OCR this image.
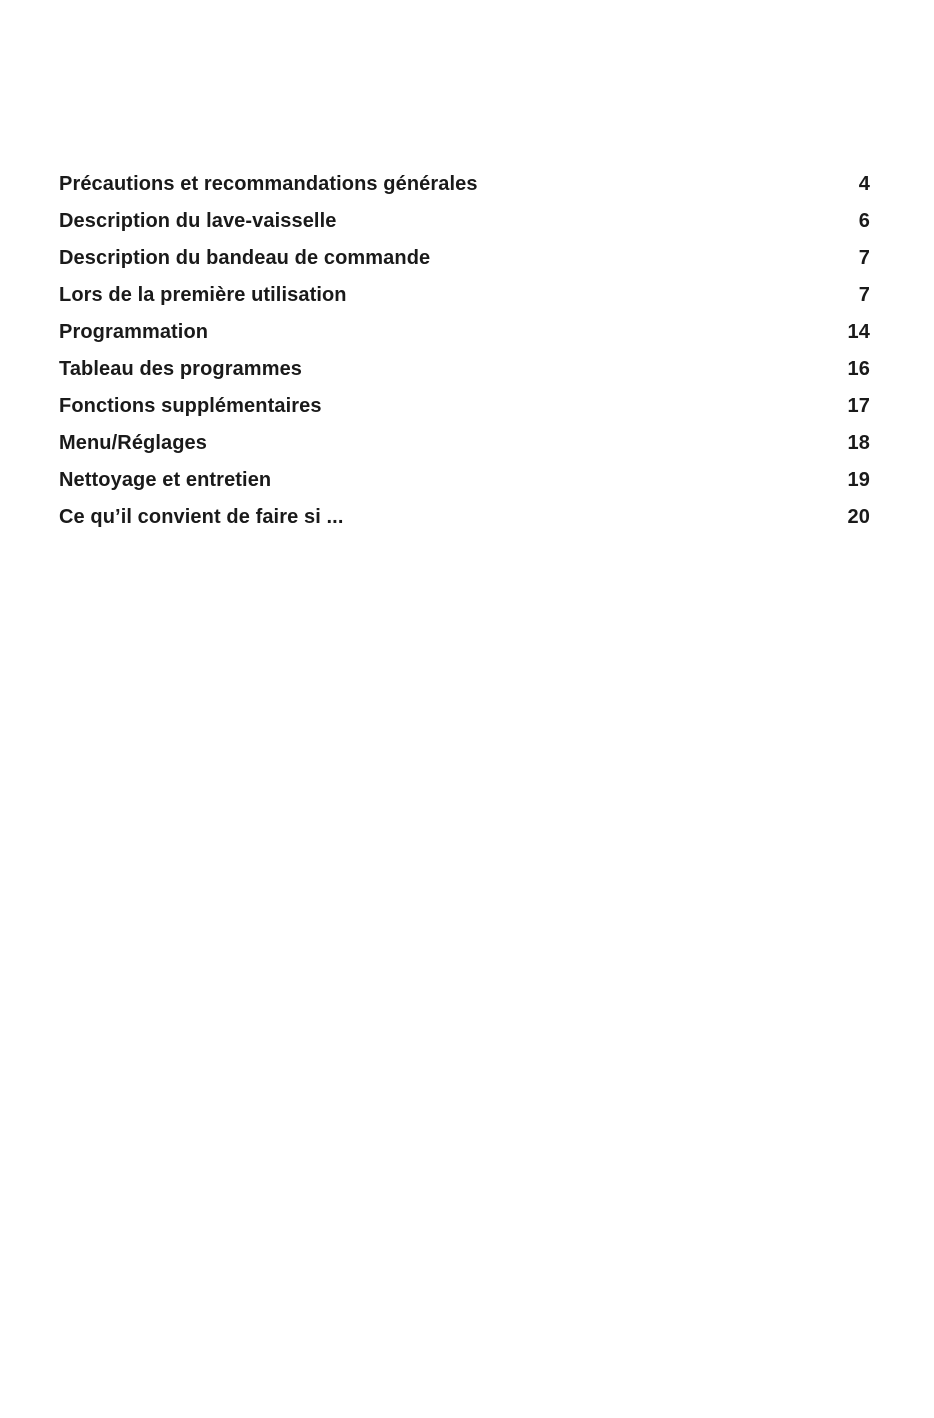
Précautions et recommandations générales	4
Description du lave-vaisselle	6
Description du bandeau de commande	7
Lors de la première utilisation	7
Programmation	14
Tableau des programmes	16
Fonctions supplémentaires	17
Menu/Réglages	18
Nettoyage et entretien	19
Ce qu’il convient de faire si ...	20
